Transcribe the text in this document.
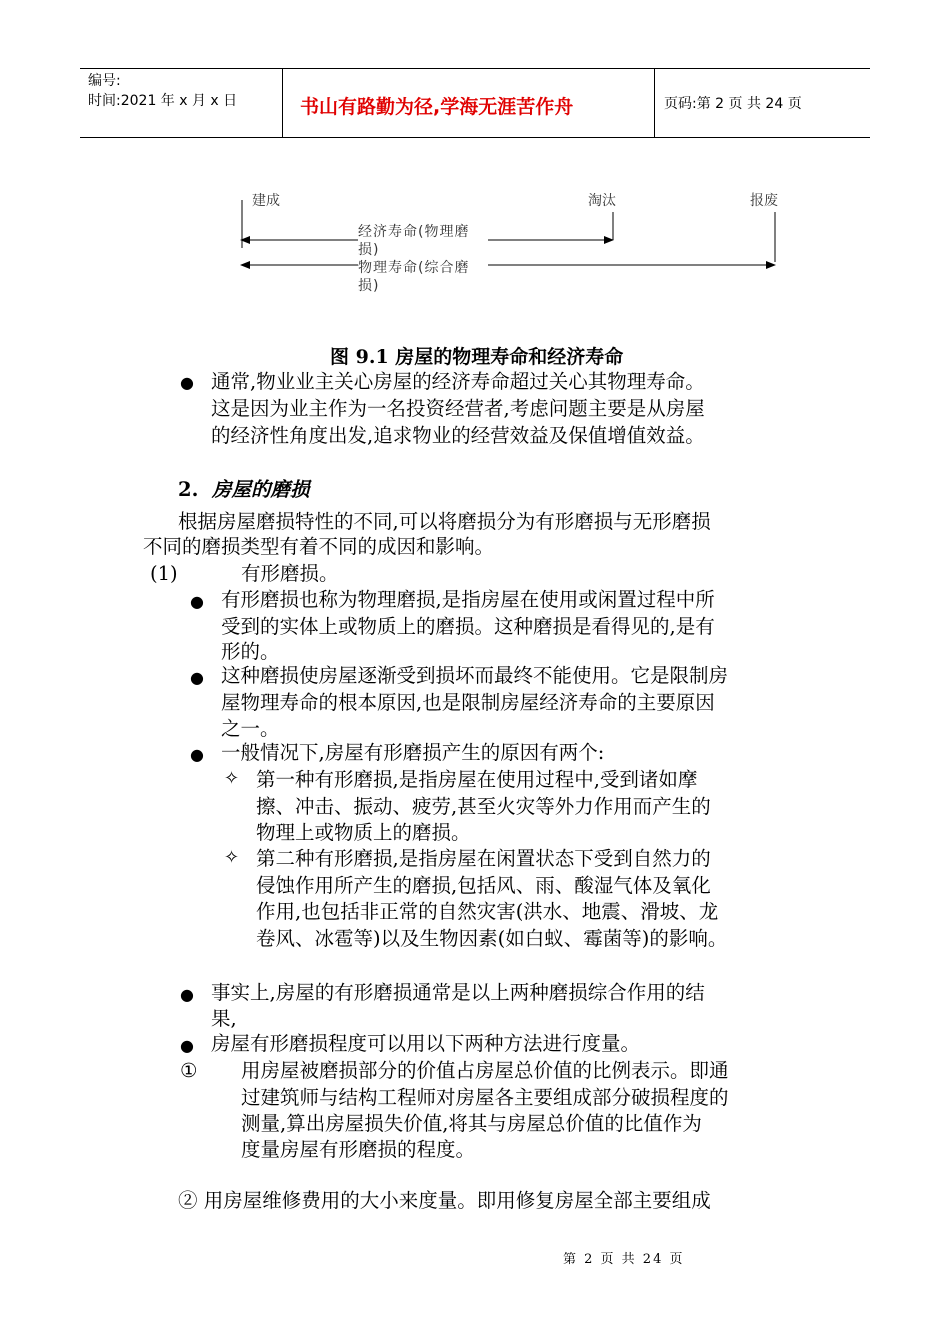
编号:
时间:2021 年 x 月 x 日	书山有路勤为径,学海无涯苦作舟	页码:第 2 页 共 24 页
建成	淘汰	报废
经济寿命(物理磨损)
物理寿命(综合磨损)
图 9.1 房屋的物理寿命和经济寿命
● 通常,物业业主关心房屋的经济寿命超过关心其物理寿命。
这是因为业主作为一名投资经营者,考虑问题主要是从房屋
的经济性角度出发,追求物业的经营效益及保值增值效益。
2. 房屋的磨损
根据房屋磨损特性的不同,可以将磨损分为有形磨损与无形磨损
不同的磨损类型有着不同的成因和影响。
(1)	有形磨损。
● 有形磨损也称为物理磨损,是指房屋在使用或闲置过程中所
受到的实体上或物质上的磨损。这种磨损是看得见的,是有
形的。
● 这种磨损使房屋逐渐受到损坏而最终不能使用。它是限制房
屋物理寿命的根本原因,也是限制房屋经济寿命的主要原因
之一。
● 一般情况下,房屋有形磨损产生的原因有两个:
✧ 第一种有形磨损,是指房屋在使用过程中,受到诸如摩
擦、冲击、振动、疲劳,甚至火灾等外力作用而产生的
物理上或物质上的磨损。
✧ 第二种有形磨损,是指房屋在闲置状态下受到自然力的
侵蚀作用所产生的磨损,包括风、雨、酸湿气体及氧化
作用,也包括非正常的自然灾害(洪水、地震、滑坡、龙
卷风、冰雹等)以及生物因素(如白蚁、霉菌等)的影响。
● 事实上,房屋的有形磨损通常是以上两种磨损综合作用的结
果,
● 房屋有形磨损程度可以用以下两种方法进行度量。
① 用房屋被磨损部分的价值占房屋总价值的比例表示。即通
过建筑师与结构工程师对房屋各主要组成部分破损程度的
测量,算出房屋损失价值,将其与房屋总价值的比值作为
度量房屋有形磨损的程度。
② 用房屋维修费用的大小来度量。即用修复房屋全部主要组成
第 2 页 共 24 页
